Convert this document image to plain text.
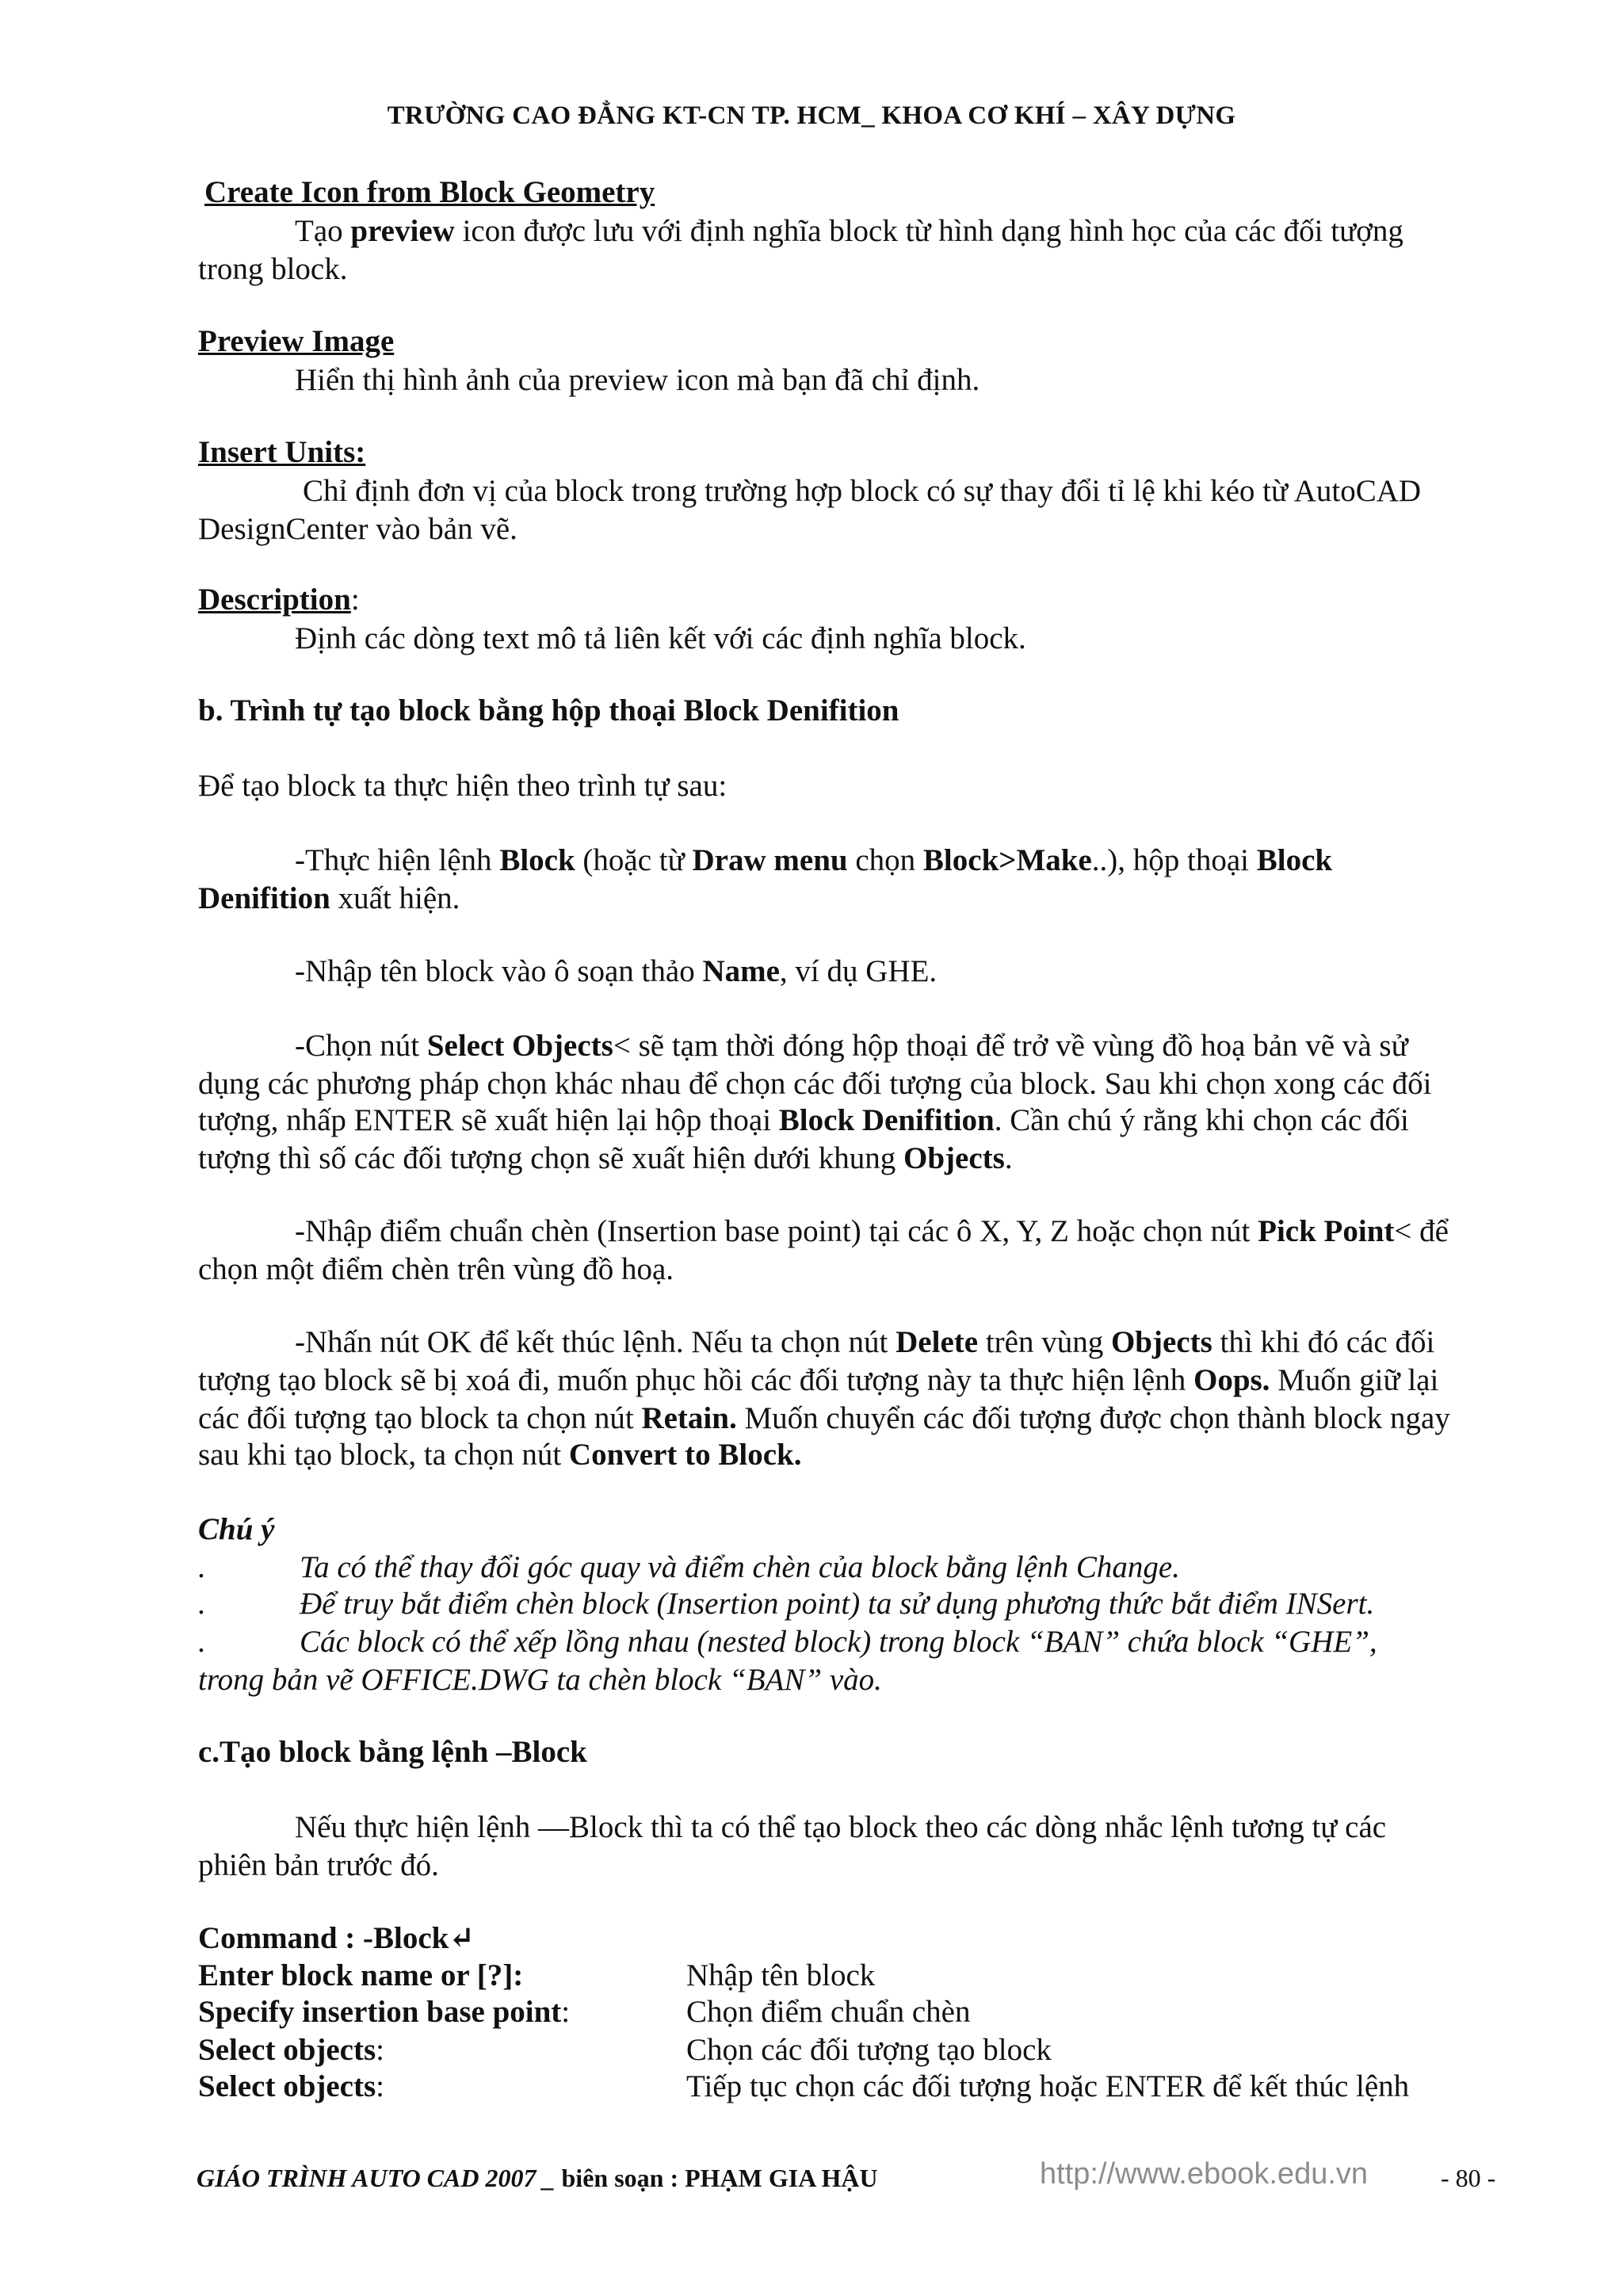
TRƯỜNG CAO ĐẲNG KT-CN TP. HCM_ KHOA CƠ KHÍ – XÂY DỰNG
Create Icon from Block Geometry
Tạo preview icon được lưu với định nghĩa block từ hình dạng hình học của các đối tượng
trong block.
Preview Image
Hiển thị hình ảnh của preview icon mà bạn đã chỉ định.
Insert Units:
Chỉ định đơn vị của block trong trường hợp block có sự thay đổi tỉ lệ khi kéo từ AutoCAD
DesignCenter vào bản vẽ.
Description:
Định các dòng text mô tả liên kết với các định nghĩa block.
b. Trình tự tạo block bằng hộp thoại Block Denifition
Để tạo block ta thực hiện theo trình tự sau:
-Thực hiện lệnh Block (hoặc từ Draw menu chọn Block>Make..), hộp thoại Block
Denifition xuất hiện.
-Nhập tên block vào ô soạn thảo Name, ví dụ GHE.
-Chọn nút Select Objects< sẽ tạm thời đóng hộp thoại để trở về vùng đồ hoạ bản vẽ và sử
dụng các phương pháp chọn khác nhau để chọn các đối tượng của block. Sau khi chọn xong các đối
tượng, nhấp ENTER sẽ xuất hiện lại hộp thoại Block Denifition. Cần chú ý rằng khi chọn các đối
tượng thì số các đối tượng chọn sẽ xuất hiện dưới khung Objects.
-Nhập điểm chuẩn chèn (Insertion base point) tại các ô X, Y, Z hoặc chọn nút Pick Point< để
chọn một điểm chèn trên vùng đồ hoạ.
-Nhấn nút OK để kết thúc lệnh. Nếu ta chọn nút Delete trên vùng Objects thì khi đó các đối
tượng tạo block sẽ bị xoá đi, muốn phục hồi các đối tượng này ta thực hiện lệnh Oops. Muốn giữ lại
các đối tượng tạo block ta chọn nút Retain. Muốn chuyển các đối tượng được chọn thành block ngay
sau khi tạo block, ta chọn nút Convert to Block.
Chú ý
.	Ta có thể thay đổi góc quay và điểm chèn của block bằng lệnh Change.
.	Để truy bắt điểm chèn block (Insertion point) ta sử dụng phương thức bắt điểm INSert.
.	Các block có thể xếp lồng nhau (nested block) trong block “BAN” chứa block “GHE”,
trong bản vẽ OFFICE.DWG ta chèn block “BAN” vào.
c.Tạo block bằng lệnh –Block
Nếu thực hiện lệnh —Block thì ta có thể tạo block theo các dòng nhắc lệnh tương tự các
phiên bản trước đó.
Command : -Block↵
Enter block name or [?]:	Nhập tên block
Specify insertion base point:	Chọn điểm chuẩn chèn
Select objects:	Chọn các đối tượng tạo block
Select objects:	Tiếp tục chọn các đối tượng hoặc ENTER để kết thúc lệnh
GIÁO TRÌNH AUTO CAD 2007 _ biên soạn : PHẠM GIA HẬU	http://www.ebook.edu.vn	- 80 -
